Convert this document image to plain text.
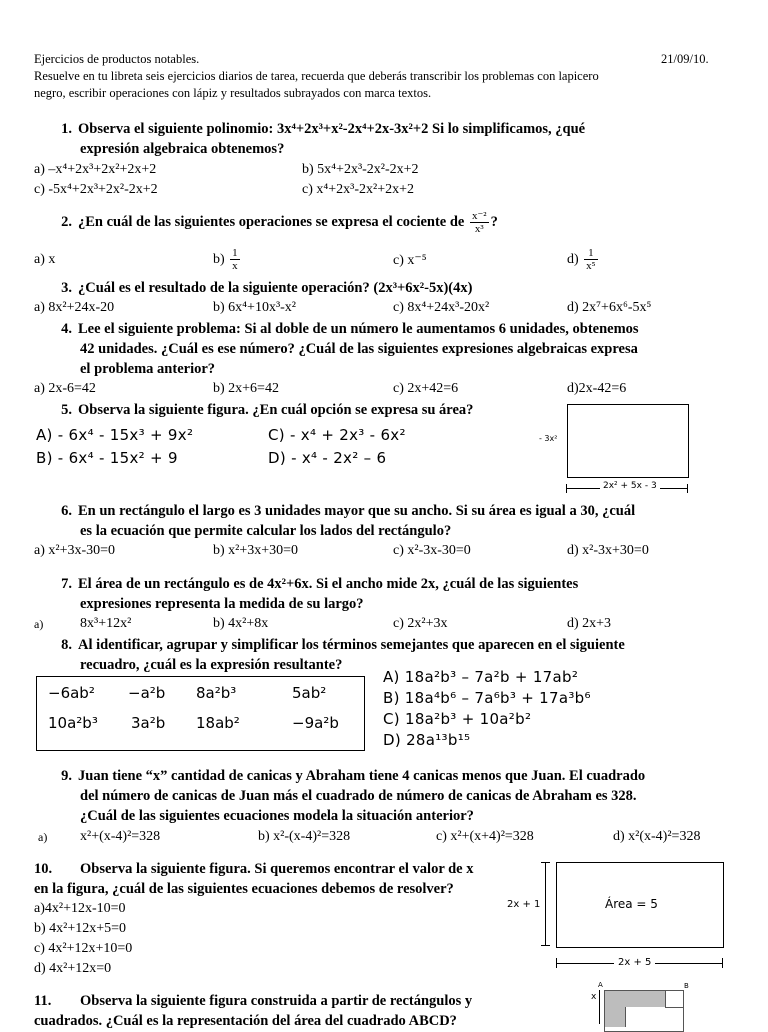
Ejercicios de productos notables.	21/09/10.
Resuelve en tu libreta seis ejercicios diarios de tarea, recuerda que deberás transcribir los problemas con lapicero
negro, escribir operaciones con lápiz y resultados subrayados con marca textos.
1. Observa el siguiente polinomio: 3x⁴+2x³+x²-2x⁴+2x-3x²+2 Si lo simplificamos, ¿qué
expresión algebraica obtenemos?
a) –x⁴+2x³+2x²+2x+2	b) 5x⁴+2x³-2x²-2x+2
c) -5x⁴+2x³+2x²-2x+2	c) x⁴+2x³-2x²+2x+2
2. ¿En cuál de las siguientes operaciones se expresa el cociente de $\frac{\text{x⁻²}}{\text{x³}}$ ?
a) x	$b) \frac{1}{x}$	c) x⁻⁵	$d) \frac{1}{\text{x⁵}}$
3. ¿Cuál es el resultado de la siguiente operación? (2x³+6x²-5x)(4x)
a) 8x²+24x-20	b) 6x⁴+10x³-x²	c) 8x⁴+24x³-20x²	d) 2x⁷+6x⁶-5x⁵
4. Lee el siguiente problema: Si al doble de un número le aumentamos 6 unidades, obtenemos
42 unidades. ¿Cuál es ese número? ¿Cuál de las siguientes expresiones algebraicas expresa
el problema anterior?
a) 2x-6=42	b) 2x+6=42	c) 2x+42=6	d)2x-42=6
5. Observa la siguiente figura. ¿En cuál opción se expresa su área?
A) - 6x⁴ - 15x³ + 9x²	C) - x⁴ + 2x³ - 6x²
B) - 6x⁴ - 15x² + 9	D) - x⁴ - 2x² – 6
- 3x²
2x² + 5x - 3
6. En un rectángulo el largo es 3 unidades mayor que su ancho. Si su área es igual a 30, ¿cuál
es la ecuación que permite calcular los lados del rectángulo?
a) x²+3x-30=0	b) x²+3x+30=0	c) x²-3x-30=0	d) x²-3x+30=0
7. El área de un rectángulo es de 4x²+6x. Si el ancho mide 2x, ¿cuál de las siguientes
expresiones representa la medida de su largo?
a)	8x³+12x²	b) 4x²+8x	c) 2x²+3x	d) 2x+3
8. Al identificar, agrupar y simplificar los términos semejantes que aparecen en el siguiente
recuadro, ¿cuál es la expresión resultante?
−6ab² −a²b 8a²b³	5ab²
10a²b³ 3a²b 18ab²	−9a²b
A) 18a²b³ – 7a²b + 17ab²
B) 18a⁴b⁶ – 7a⁶b³ + 17a³b⁶
C) 18a²b³ + 10a²b²
D) 28a¹³b¹⁵
9. Juan tiene “x” cantidad de canicas y Abraham tiene 4 canicas menos que Juan. El cuadrado
del número de canicas de Juan más el cuadrado de número de canicas de Abraham es 328.
¿Cuál de las siguientes ecuaciones modela la situación anterior?
a) x²+(x-4)²=328	b) x²-(x-4)²=328	c) x²+(x+4)²=328	d) x²(x-4)²=328
10. Observa la siguiente figura. Si queremos encontrar el valor de x
en la figura, ¿cuál de las siguientes ecuaciones debemos de resolver?
a)4x²+12x-10=0
b) 4x²+12x+5=0
c) 4x²+12x+10=0
d) 4x²+12x=0
Área = 5
2x + 1
2x + 5
11. Observa la siguiente figura construida a partir de rectángulos y
cuadrados. ¿Cuál es la representación del área del cuadrado ABCD?
A	B
x
